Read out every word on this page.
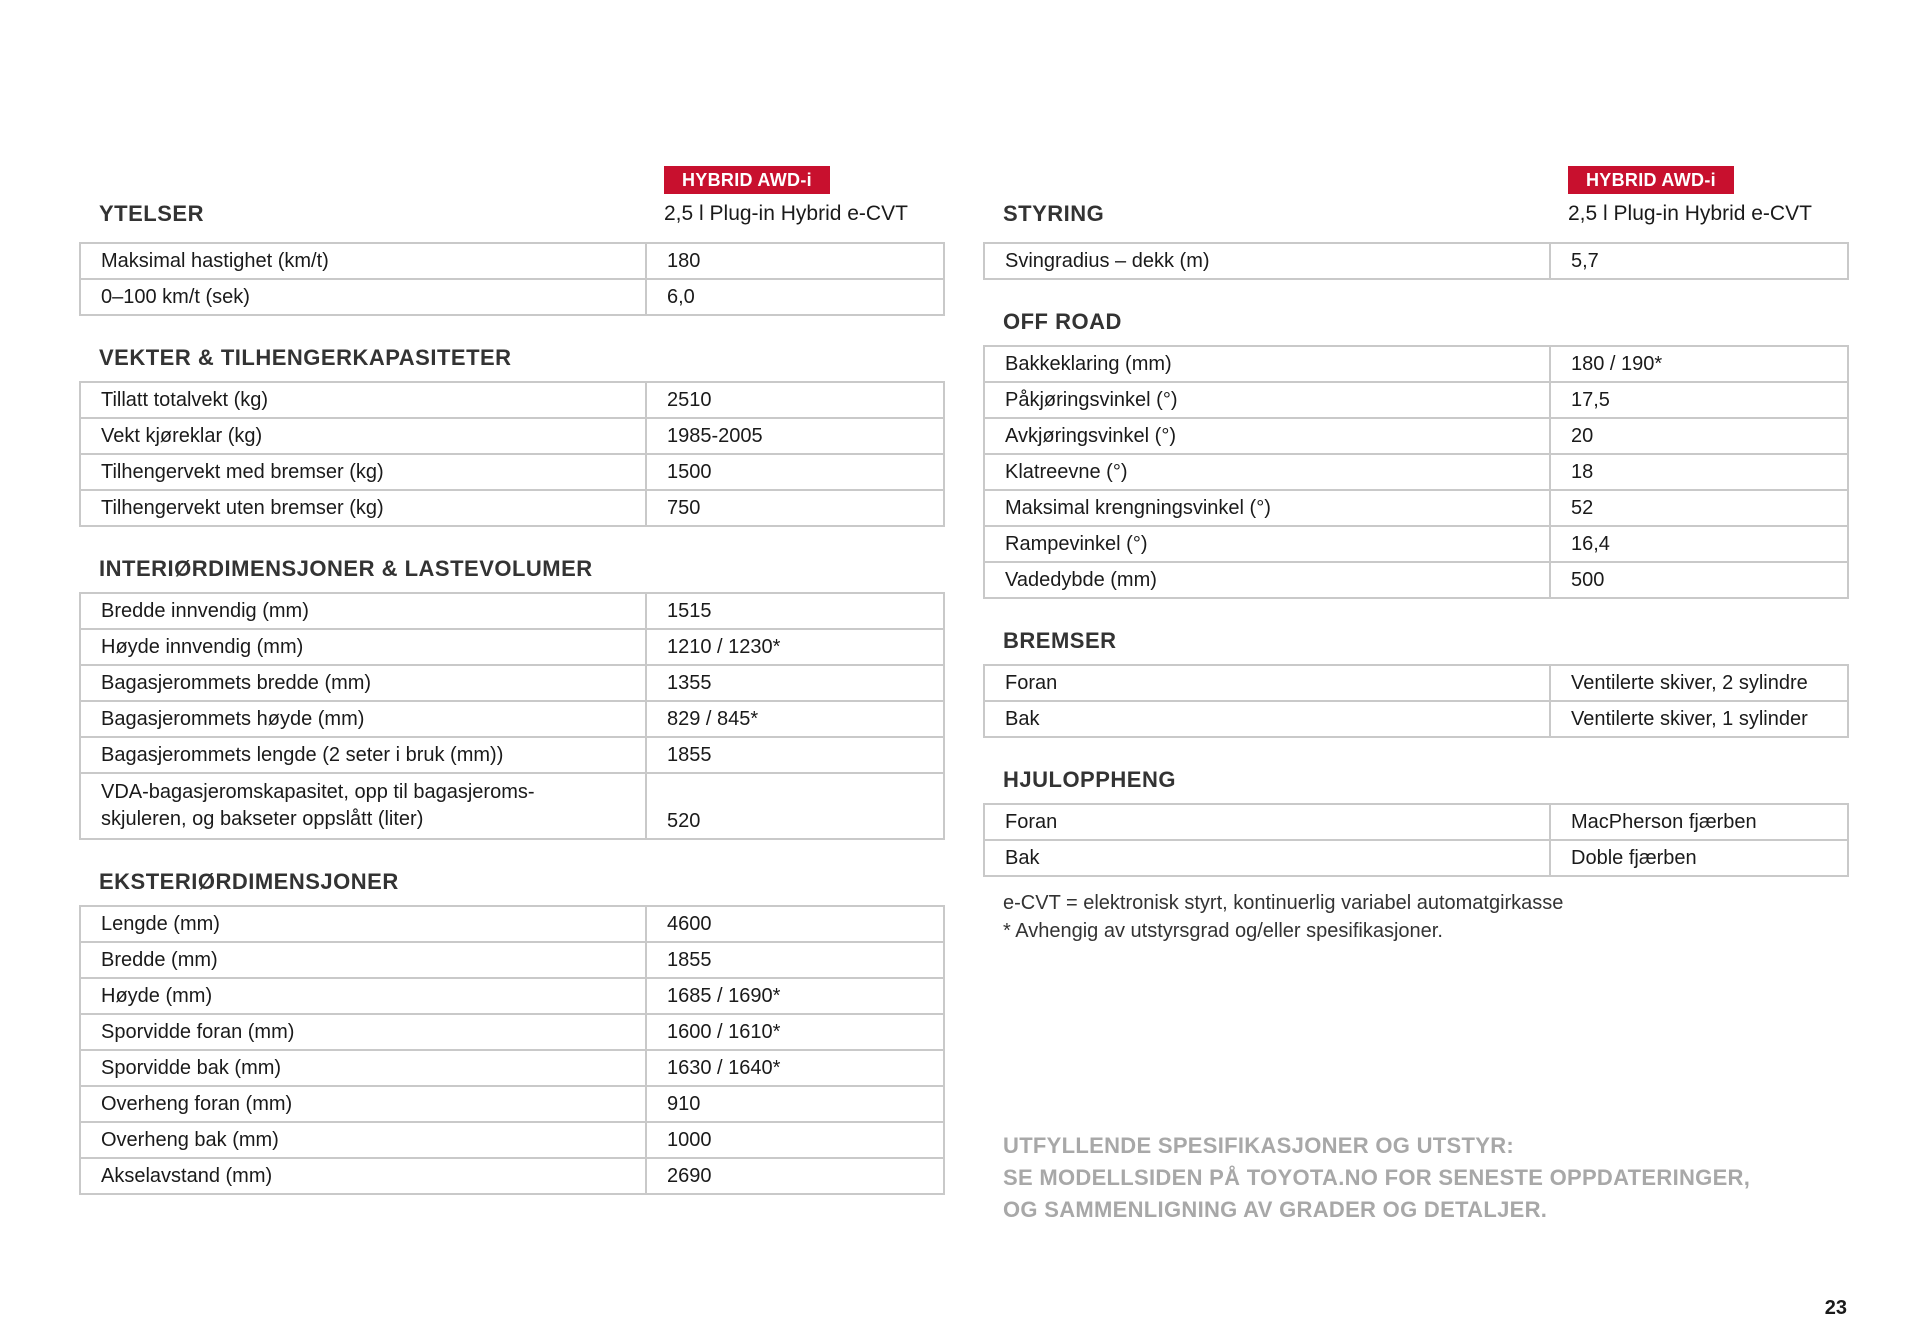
HYBRID AWD-i
2,5 l Plug-in Hybrid e-CVT
YTELSER
Maksimal hastighet (km/t)	180
0–100 km/t (sek)	6,0
VEKTER & TILHENGERKAPASITETER
Tillatt totalvekt (kg)	2510
Vekt kjøreklar (kg)	1985-2005
Tilhengervekt med bremser (kg)	1500
Tilhengervekt uten bremser (kg)	750
INTERIØRDIMENSJONER & LASTEVOLUMER
Bredde innvendig (mm)	1515
Høyde innvendig (mm)	1210 / 1230*
Bagasjerommets bredde (mm)	1355
Bagasjerommets høyde (mm)	829 / 845*
Bagasjerommets lengde (2 seter i bruk (mm))	1855

VDA-bagasjeromskapasitet, opp til bagasjeroms-
skjuleren, og bakseter oppslått (liter)	520
EKSTERIØRDIMENSJONER
Lengde (mm)	4600
Bredde (mm)	1855
Høyde (mm)	1685 / 1690*
Sporvidde foran (mm)	1600 / 1610*
Sporvidde bak (mm)	1630 / 1640*
Overheng foran (mm)	910
Overheng bak (mm)	1000
Akselavstand (mm)	2690
HYBRID AWD-i
2,5 l Plug-in Hybrid e-CVT
STYRING
Svingradius – dekk (m)	5,7
OFF ROAD
Bakkeklaring (mm)	180 / 190*
Påkjøringsvinkel (°)	17,5
Avkjøringsvinkel (°)	20
Klatreevne (°)	18
Maksimal krengningsvinkel (°)	52
Rampevinkel (°)	16,4
Vadedybde (mm)	500
BREMSER
Foran	Ventilerte skiver, 2 sylindre
Bak	Ventilerte skiver, 1 sylinder
HJULOPPHENG
Foran	MacPherson fjærben
Bak	Doble fjærben
e-CVT = elektronisk styrt, kontinuerlig variabel automatgirkasse
* Avhengig av utstyrsgrad og/eller spesifikasjoner.
UTFYLLENDE SPESIFIKASJONER OG UTSTYR:
SE MODELLSIDEN PÅ TOYOTA.NO FOR SENESTE OPPDATERINGER,
OG SAMMENLIGNING AV GRADER OG DETALJER.
23
